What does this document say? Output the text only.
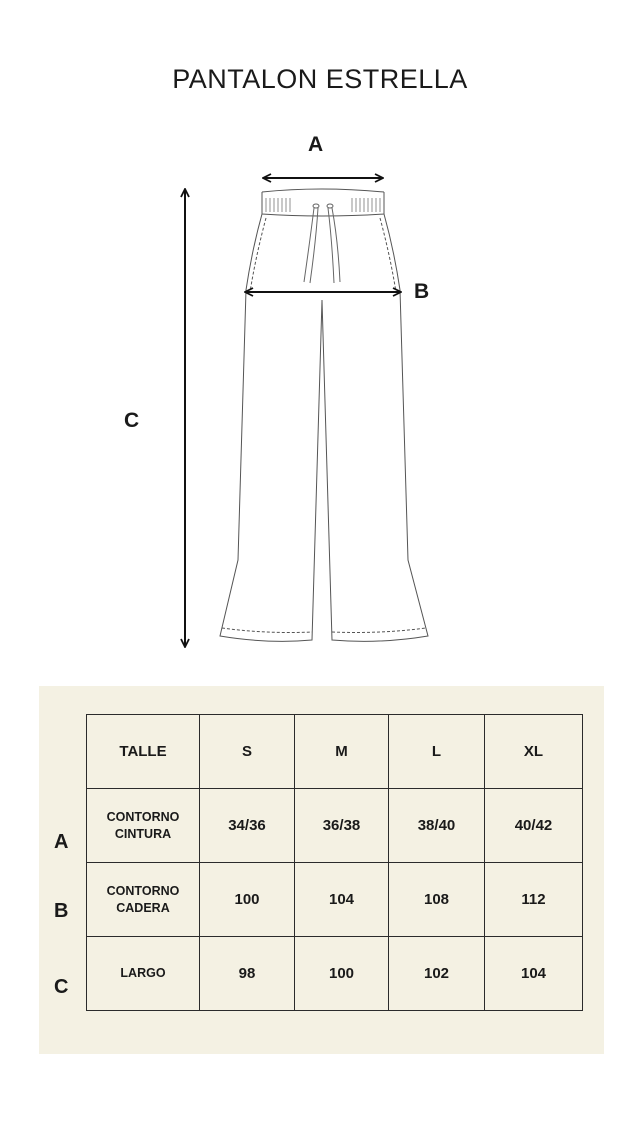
PANTALON ESTRELLA
A
B
C
A
B
C
TALLE	S	M	L	XL

CONTORNO
CINTURA	34/36	36/38	38/40	40/42

CONTORNO
CADERA	100	104	108	112

LARGO	98	100	102	104
